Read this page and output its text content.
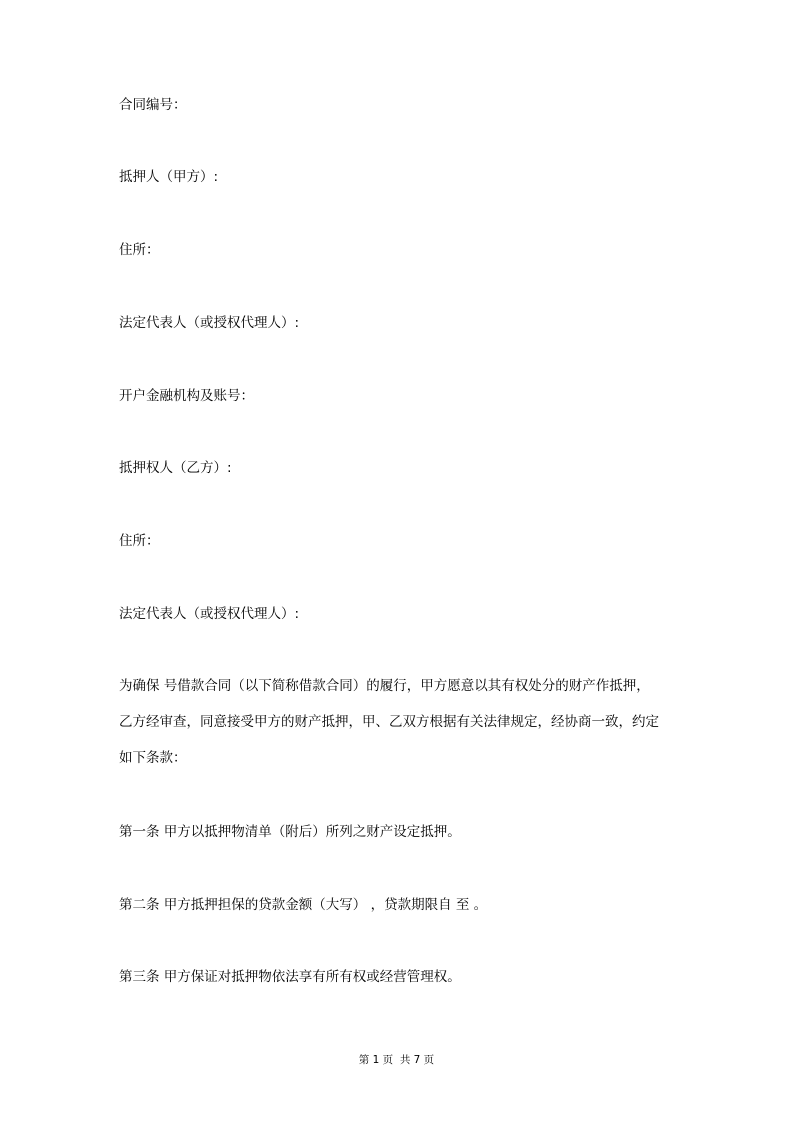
合同编号：
抵押人（甲方）:
住所：
法定代表人（或授权代理人）:
开户金融机构及账号：
抵押权人（乙方）:
住所：
法定代表人（或授权代理人）:
为确保 号借款合同（以下简称借款合同）的履行，甲方愿意以其有权处分的财产作抵押，
乙方经审查，同意接受甲方的财产抵押，甲、乙双方根据有关法律规定，经协商一致，约定
如下条款：
第一条 甲方以抵押物清单（附后）所列之财产设定抵押。
第二条 甲方抵押担保的贷款金额（大写） ，贷款期限自 至 。
第三条 甲方保证对抵押物依法享有所有权或经营管理权。
第 1 页  共 7 页
